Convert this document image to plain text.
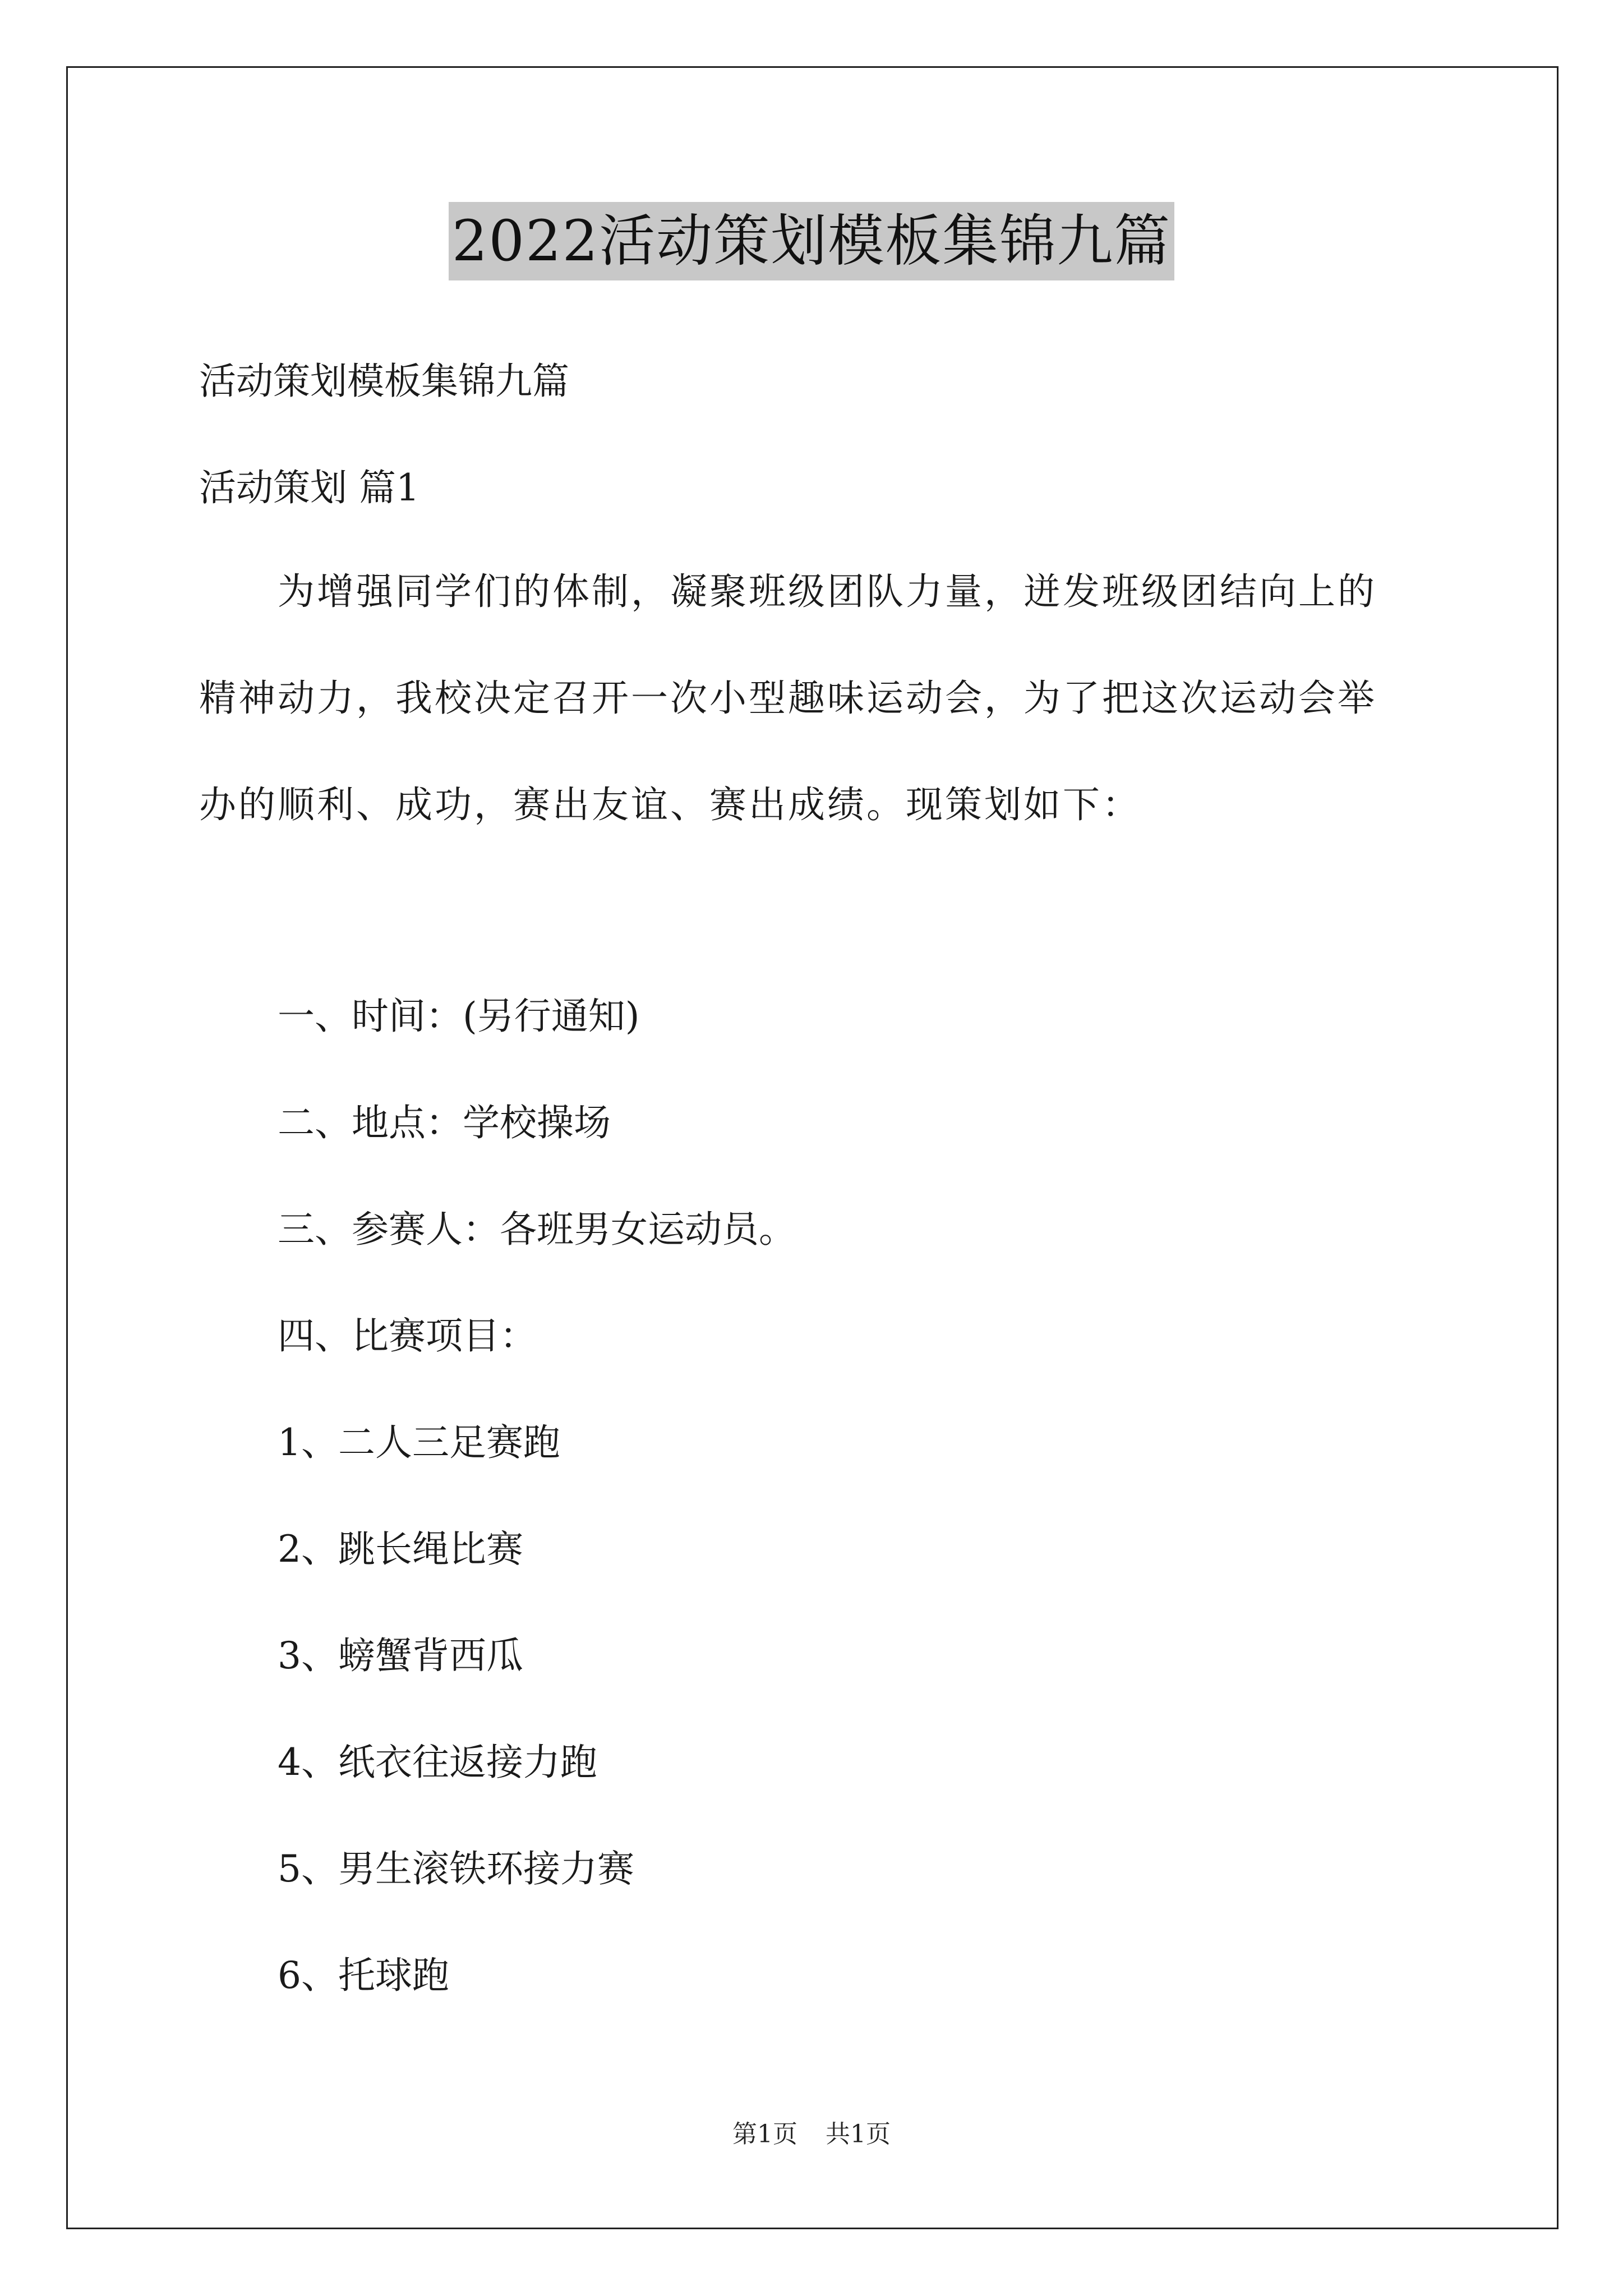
2022活动策划模板集锦九篇
活动策划模板集锦九篇
活动策划 篇1
为增强同学们的体制，凝聚班级团队力量，迸发班级团结向上的
精神动力，我校决定召开一次小型趣味运动会，为了把这次运动会举
办的顺利、成功，赛出友谊、赛出成绩。现策划如下：
一、时间：(另行通知)
二、地点：学校操场
三、参赛人：各班男女运动员。
四、比赛项目：
1、二人三足赛跑
2、跳长绳比赛
3、螃蟹背西瓜
4、纸衣往返接力跑
5、男生滚铁环接力赛
6、托球跑
第1页 共1页
